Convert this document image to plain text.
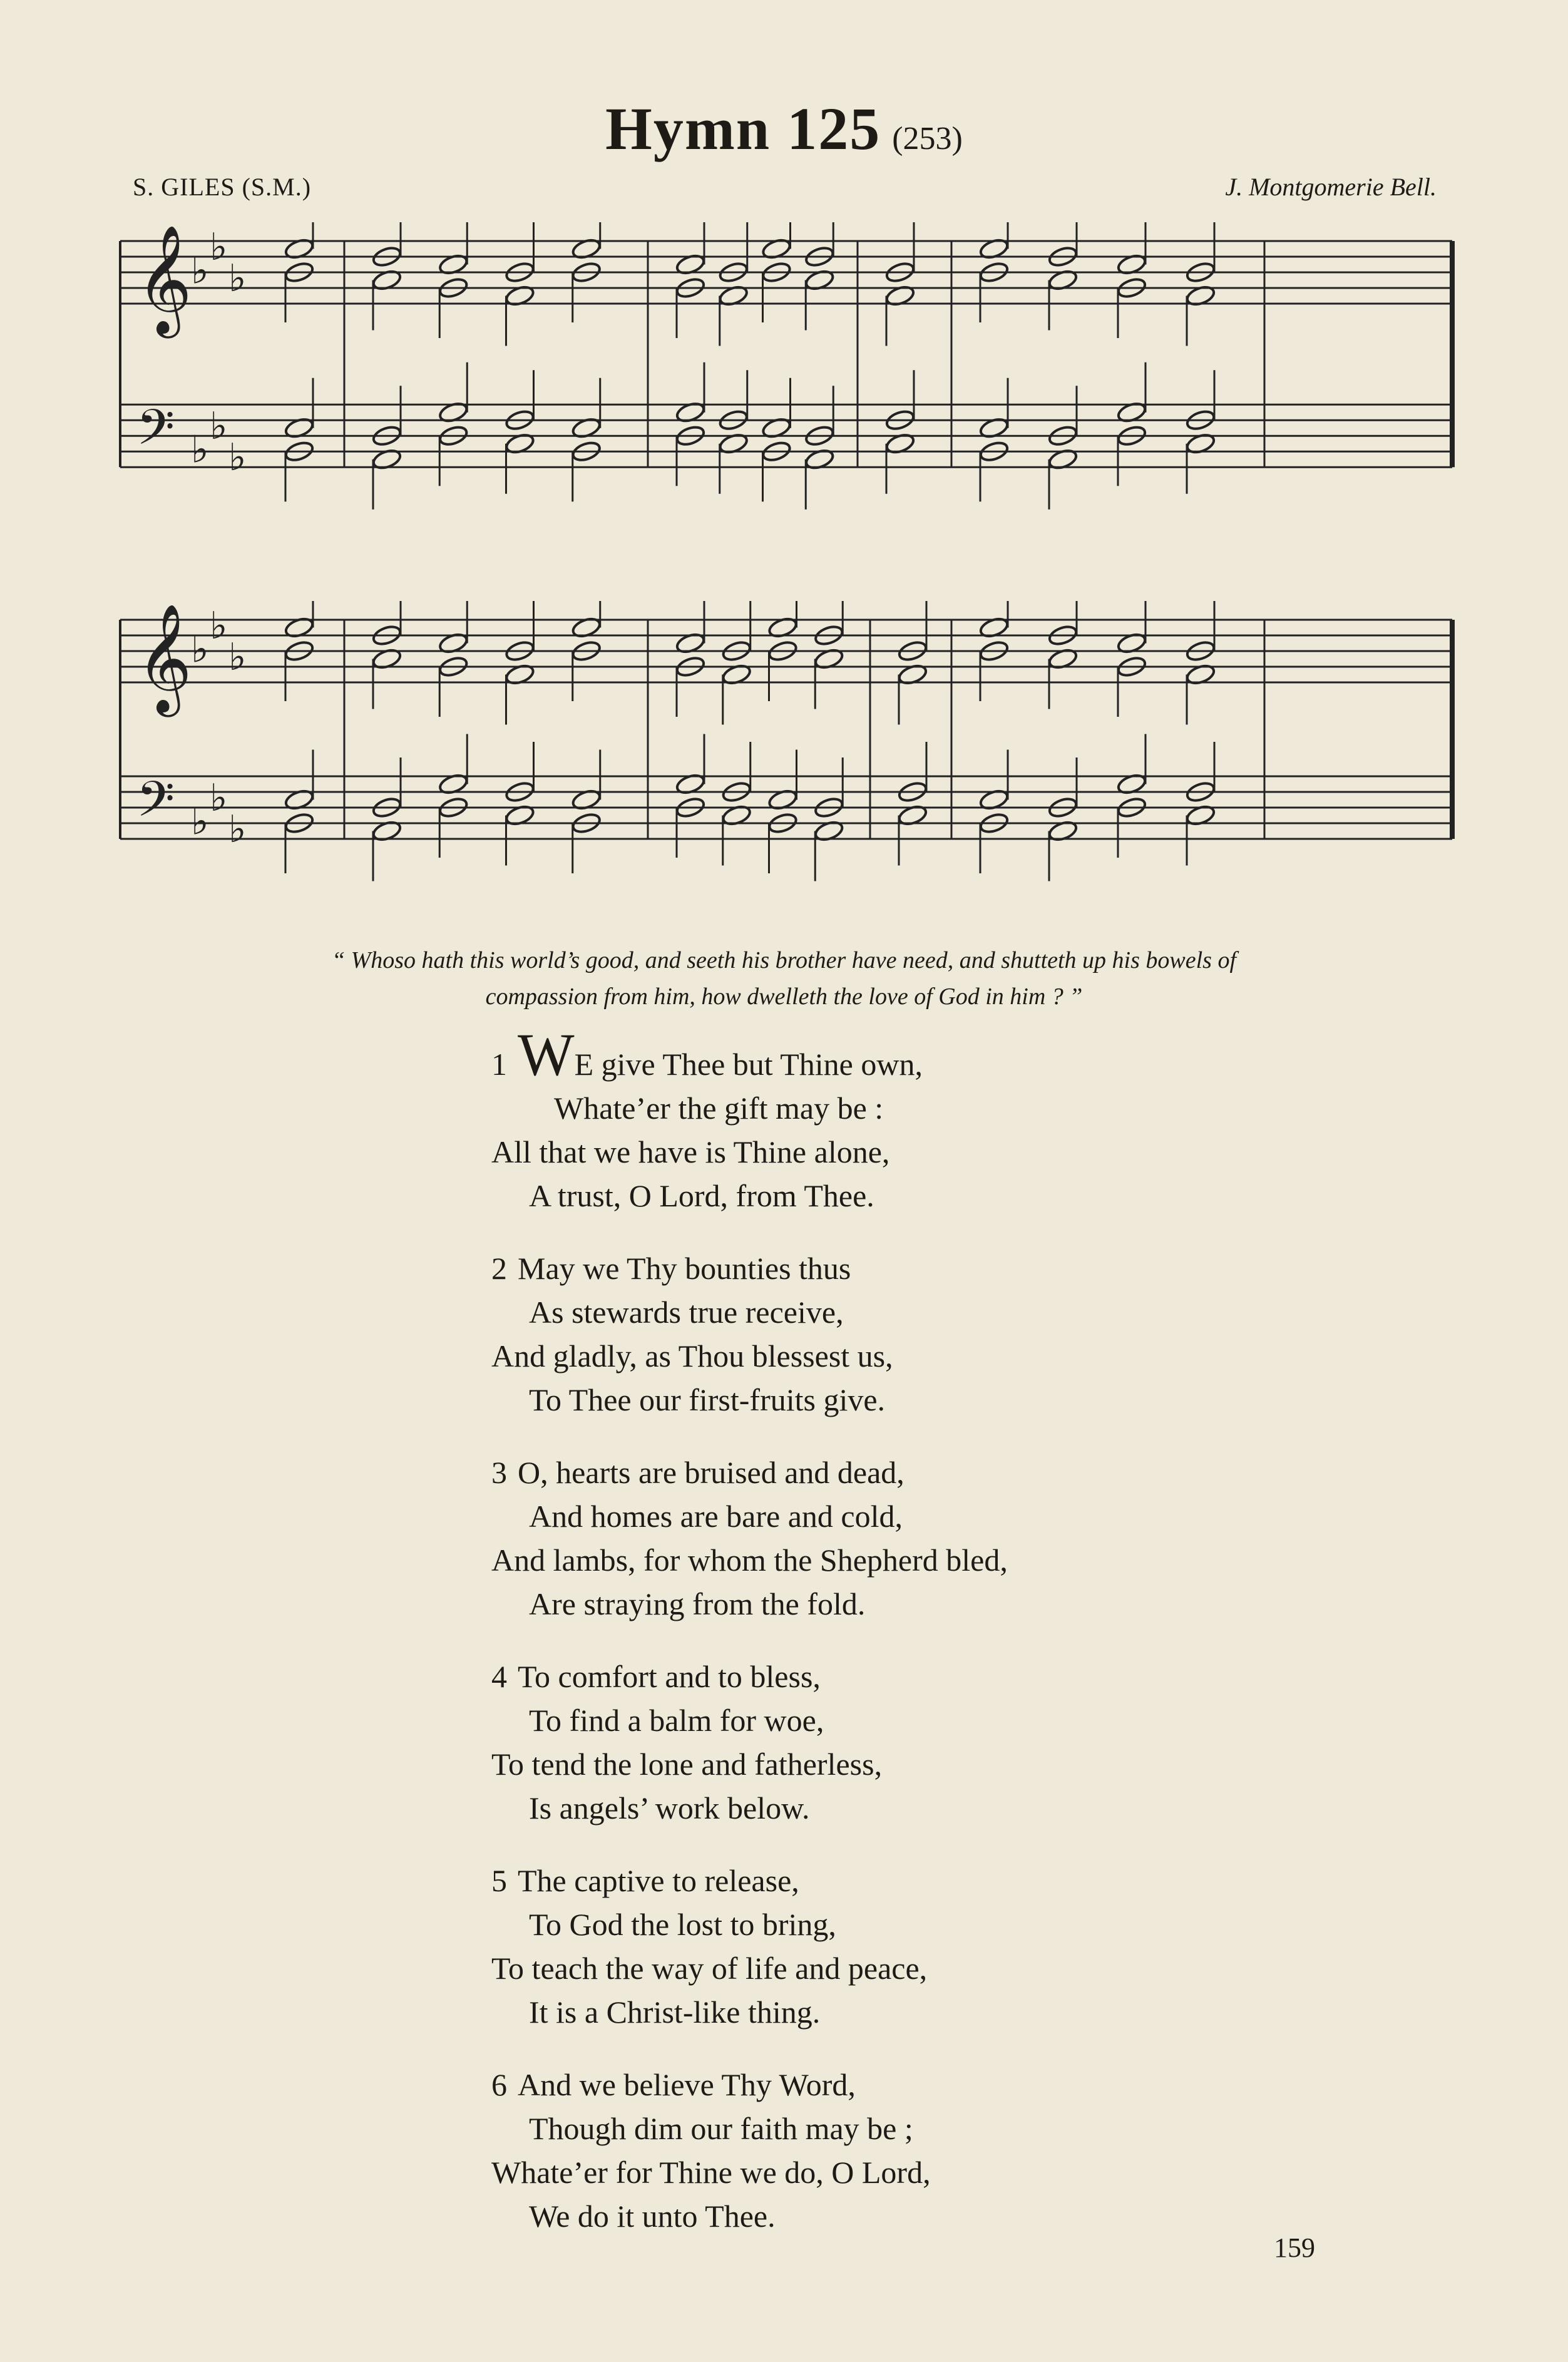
Hymn 125 (253)
S. GILES (S.M.)	J. Montgomerie Bell.
𝄞
𝄢
♭
♭
♭
♭
♭
♭
𝄞
𝄢
♭
♭
♭
♭
♭
♭
“ Whoso hath this world’s good, and seeth his brother have need, and shutteth up his bowels of
compassion from him, how dwelleth the love of God in him ? ”
1 WE give Thee but Thine own,
Whate’er the gift may be :
All that we have is Thine alone,
A trust, O Lord, from Thee.
2 May we Thy bounties thus
As stewards true receive,
And gladly, as Thou blessest us,
To Thee our first-fruits give.
3 O, hearts are bruised and dead,
And homes are bare and cold,
And lambs, for whom the Shepherd bled,
Are straying from the fold.
4 To comfort and to bless,
To find a balm for woe,
To tend the lone and fatherless,
Is angels’ work below.
5 The captive to release,
To God the lost to bring,
To teach the way of life and peace,
It is a Christ-like thing.
6 And we believe Thy Word,
Though dim our faith may be ;
Whate’er for Thine we do, O Lord,
We do it unto Thee.
159
